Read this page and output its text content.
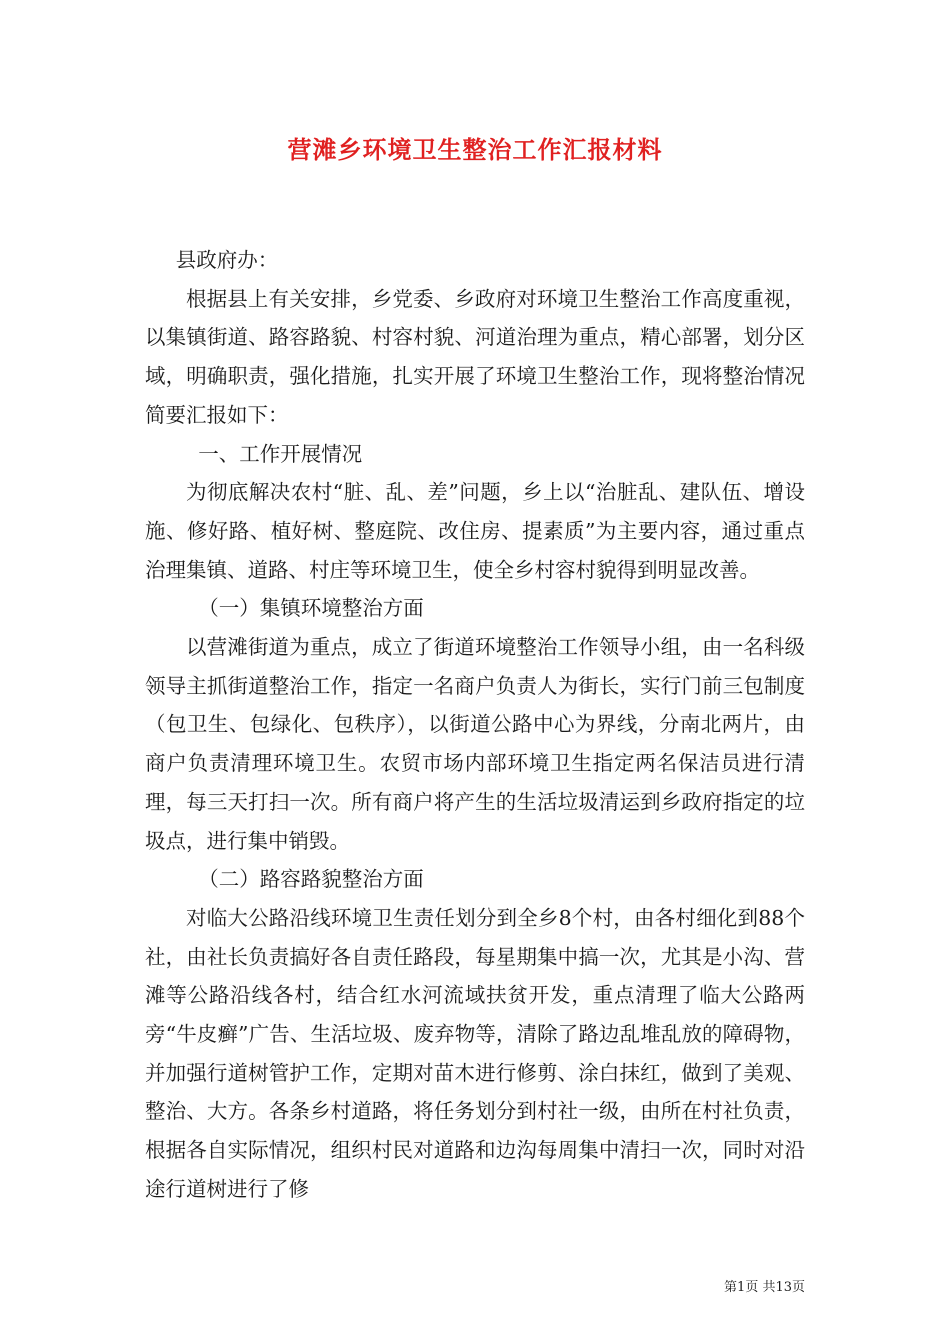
营滩乡环境卫生整治工作汇报材料

县政府办：

根据县上有关安排，乡党委、乡政府对环境卫生整治工作高度重视，以集镇街道、路容路貌、村容村貌、河道治理为重点，精心部署，划分区域，明确职责，强化措施，扎实开展了环境卫生整治工作，现将整治情况简要汇报如下：

一、工作开展情况

为彻底解决农村“脏、乱、差”问题，乡上以“治脏乱、建队伍、增设施、修好路、植好树、整庭院、改住房、提素质”为主要内容，通过重点治理集镇、道路、村庄等环境卫生，使全乡村容村貌得到明显改善。

（一）集镇环境整治方面

以营滩街道为重点，成立了街道环境整治工作领导小组，由一名科级领导主抓街道整治工作，指定一名商户负责人为街长，实行门前三包制度（包卫生、包绿化、包秩序），以街道公路中心为界线，分南北两片，由商户负责清理环境卫生。农贸市场内部环境卫生指定两名保洁员进行清理，每三天打扫一次。所有商户将产生的生活垃圾清运到乡政府指定的垃圾点，进行集中销毁。

（二）路容路貌整治方面

对临大公路沿线环境卫生责任划分到全乡8个村，由各村细化到88个社，由社长负责搞好各自责任路段，每星期集中搞一次，尤其是小沟、营滩等公路沿线各村，结合红水河流域扶贫开发，重点清理了临大公路两旁“牛皮癣”广告、生活垃圾、废弃物等，清除了路边乱堆乱放的障碍物，并加强行道树管护工作，定期对苗木进行修剪、涂白抹红，做到了美观、整治、大方。各条乡村道路，将任务划分到村社一级，由所在村社负责，根据各自实际情况，组织村民对道路和边沟每周集中清扫一次，同时对沿途行道树进行了修

第1页 共13页
